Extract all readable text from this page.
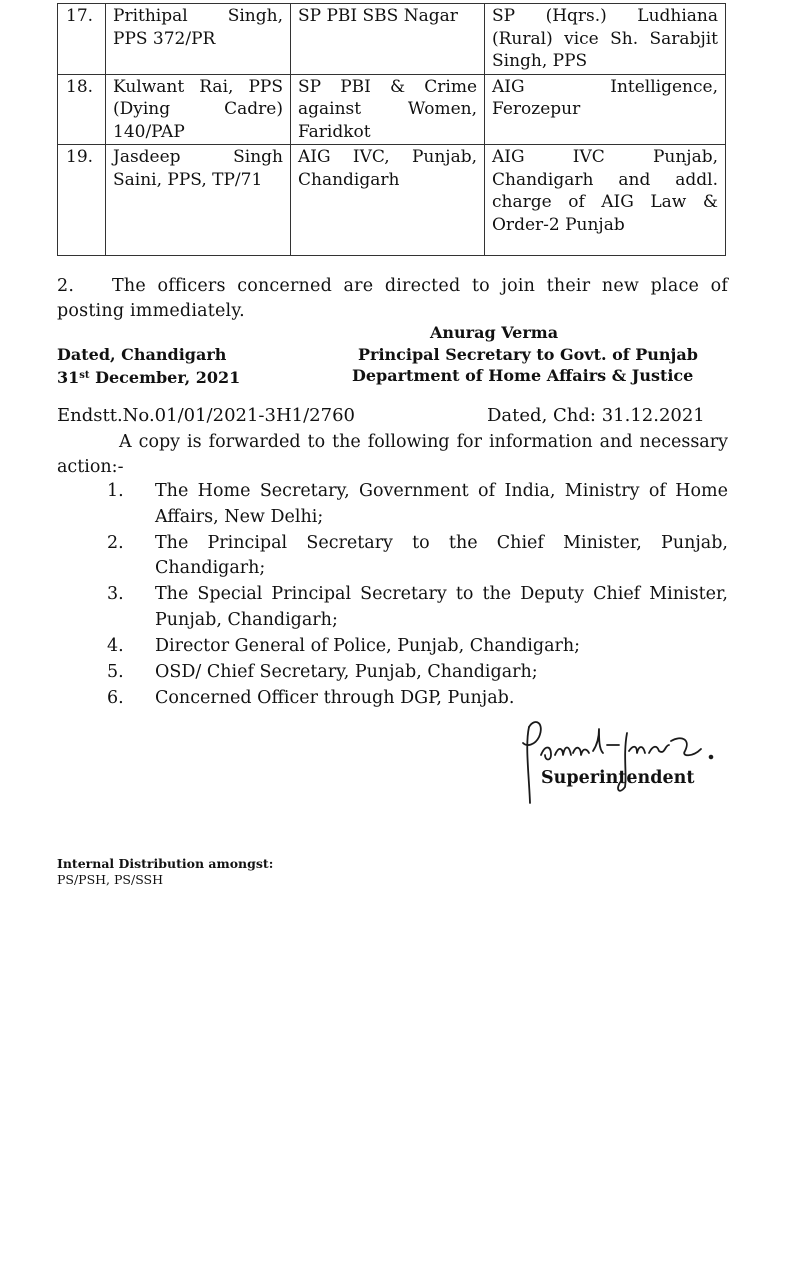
17.	Prithipal Singh, PPS 372/PR	SP PBI SBS Nagar	SP (Hqrs.) Ludhiana (Rural) vice Sh. Sarabjit Singh, PPS
18.	Kulwant Rai, PPS (Dying Cadre) 140/PAP	SP PBI & Crime against Women, Faridkot	AIG Intelligence, Ferozepur
19.	Jasdeep Singh Saini, PPS, TP/71	AIG IVC, Punjab, Chandigarh	AIG IVC Punjab, Chandigarh and addl. charge of AIG Law & Order-2 Punjab
2. The officers concerned are directed to join their new place of posting immediately.
Anurag Verma
Principal Secretary to Govt. of Punjab
Department of Home Affairs & Justice
Dated, Chandigarh
31st December, 2021
Endstt.No.01/01/2021-3H1/2760	Dated, Chd: 31.12.2021
A copy is forwarded to the following for information and necessary action:-
1. The Home Secretary, Government of India, Ministry of Home Affairs, New Delhi;
2. The Principal Secretary to the Chief Minister, Punjab, Chandigarh;
3. The Special Principal Secretary to the Deputy Chief Minister, Punjab, Chandigarh;
4. Director General of Police, Punjab, Chandigarh;
5. OSD/ Chief Secretary, Punjab, Chandigarh;
6. Concerned Officer through DGP, Punjab.
Superintendent
Internal Distribution amongst:
PS/PSH, PS/SSH
